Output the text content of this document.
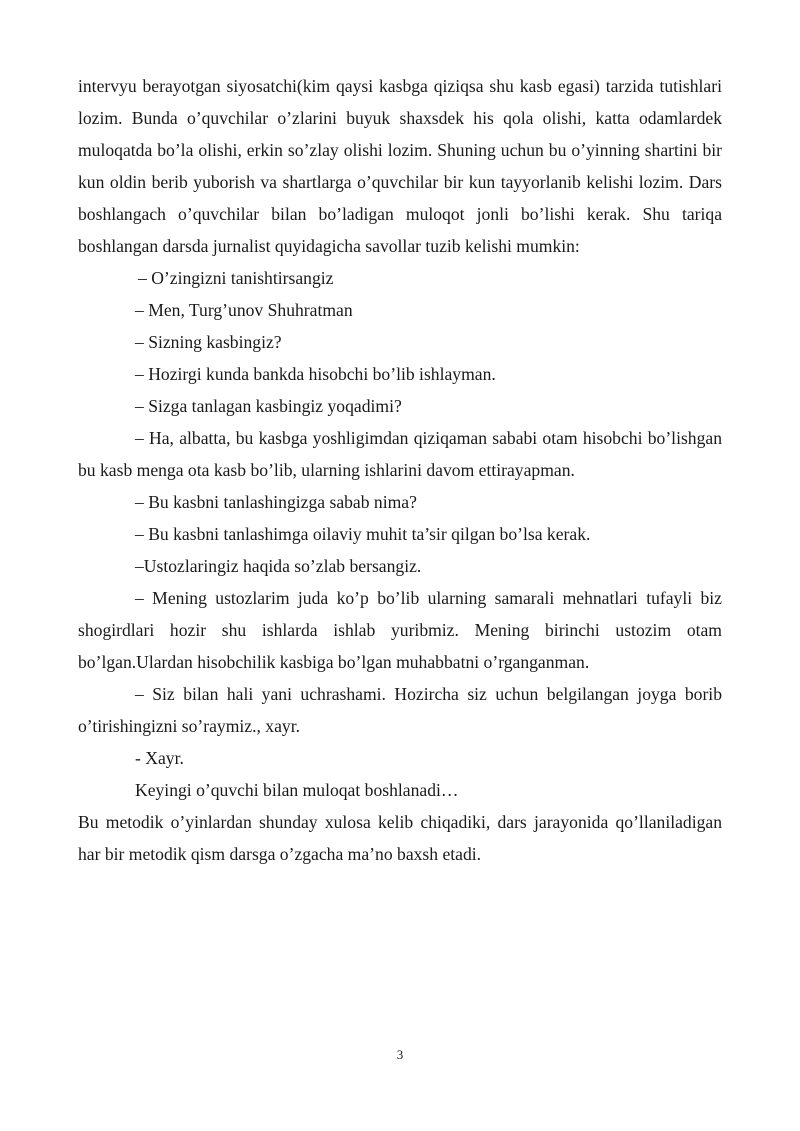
intervyu berayotgan siyosatchi(kim qaysi kasbga qiziqsa shu kasb egasi) tarzida tutishlari lozim. Bunda o’quvchilar o’zlarini buyuk shaxsdek his qola olishi, katta odamlardek muloqatda bo’la olishi, erkin so’zlay olishi lozim. Shuning uchun bu o’yinning shartini bir kun oldin berib yuborish va shartlarga o’quvchilar bir kun tayyorlanib kelishi lozim. Dars boshlangach o’quvchilar bilan bo’ladigan muloqot jonli bo’lishi kerak. Shu tariqa boshlangan darsda jurnalist quyidagicha savollar tuzib kelishi mumkin:

– O’zingizni tanishtirsangiz

– Men, Turg’unov Shuhratman

– Sizning kasbingiz?

– Hozirgi kunda bankda hisobchi bo’lib ishlayman.

– Sizga tanlagan kasbingiz yoqadimi?

– Ha, albatta, bu kasbga yoshligimdan qiziqaman sababi otam hisobchi bo’lishgan bu kasb menga ota kasb bo’lib, ularning ishlarini davom ettirayapman.

– Bu kasbni tanlashingizga sabab nima?

– Bu kasbni tanlashimga oilaviy muhit ta’sir qilgan bo’lsa kerak.

–Ustozlaringiz haqida so’zlab bersangiz.

– Mening ustozlarim juda ko’p bo’lib ularning samarali mehnatlari tufayli biz shogirdlari hozir shu ishlarda ishlab yuribmiz. Mening birinchi ustozim otam bo’lgan.Ulardan hisobchilik kasbiga bo’lgan muhabbatni o’rganganman.

– Siz bilan hali yani uchrashami. Hozircha siz uchun belgilangan joyga borib o’tirishingizni so’raymiz., xayr.

- Xayr.

Keyingi o’quvchi bilan muloqat boshlanadi…

Bu metodik o’yinlardan shunday xulosa kelib chiqadiki, dars jarayonida qo’llaniladigan har bir metodik qism darsga o’zgacha ma’no baxsh etadi.

3
